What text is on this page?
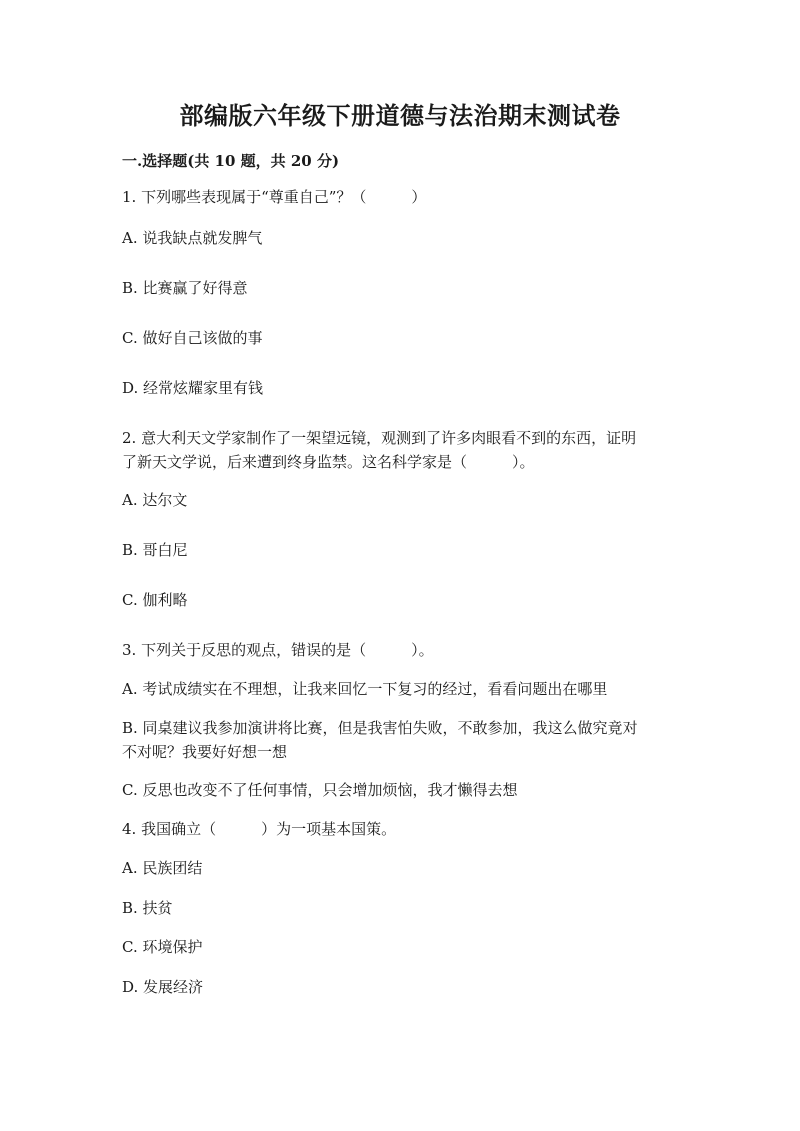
部编版六年级下册道德与法治期末测试卷
一.选择题(共 10 题，共 20 分)
1. 下列哪些表现属于“尊重自己”？（　　　）
A. 说我缺点就发脾气
B. 比赛赢了好得意
C. 做好自己该做的事
D. 经常炫耀家里有钱
2. 意大利天文学家制作了一架望远镜，观测到了许多肉眼看不到的东西，证明
了新天文学说，后来遭到终身监禁。这名科学家是（　　　）。
A. 达尔文
B. 哥白尼
C. 伽利略
3. 下列关于反思的观点，错误的是（　　　）。
A. 考试成绩实在不理想，让我来回忆一下复习的经过，看看问题出在哪里
B. 同桌建议我参加演讲将比赛，但是我害怕失败，不敢参加，我这么做究竟对
不对呢？我要好好想一想
C. 反思也改变不了任何事情，只会增加烦恼，我才懒得去想
4. 我国确立（　　　）为一项基本国策。
A. 民族团结
B. 扶贫
C. 环境保护
D. 发展经济
